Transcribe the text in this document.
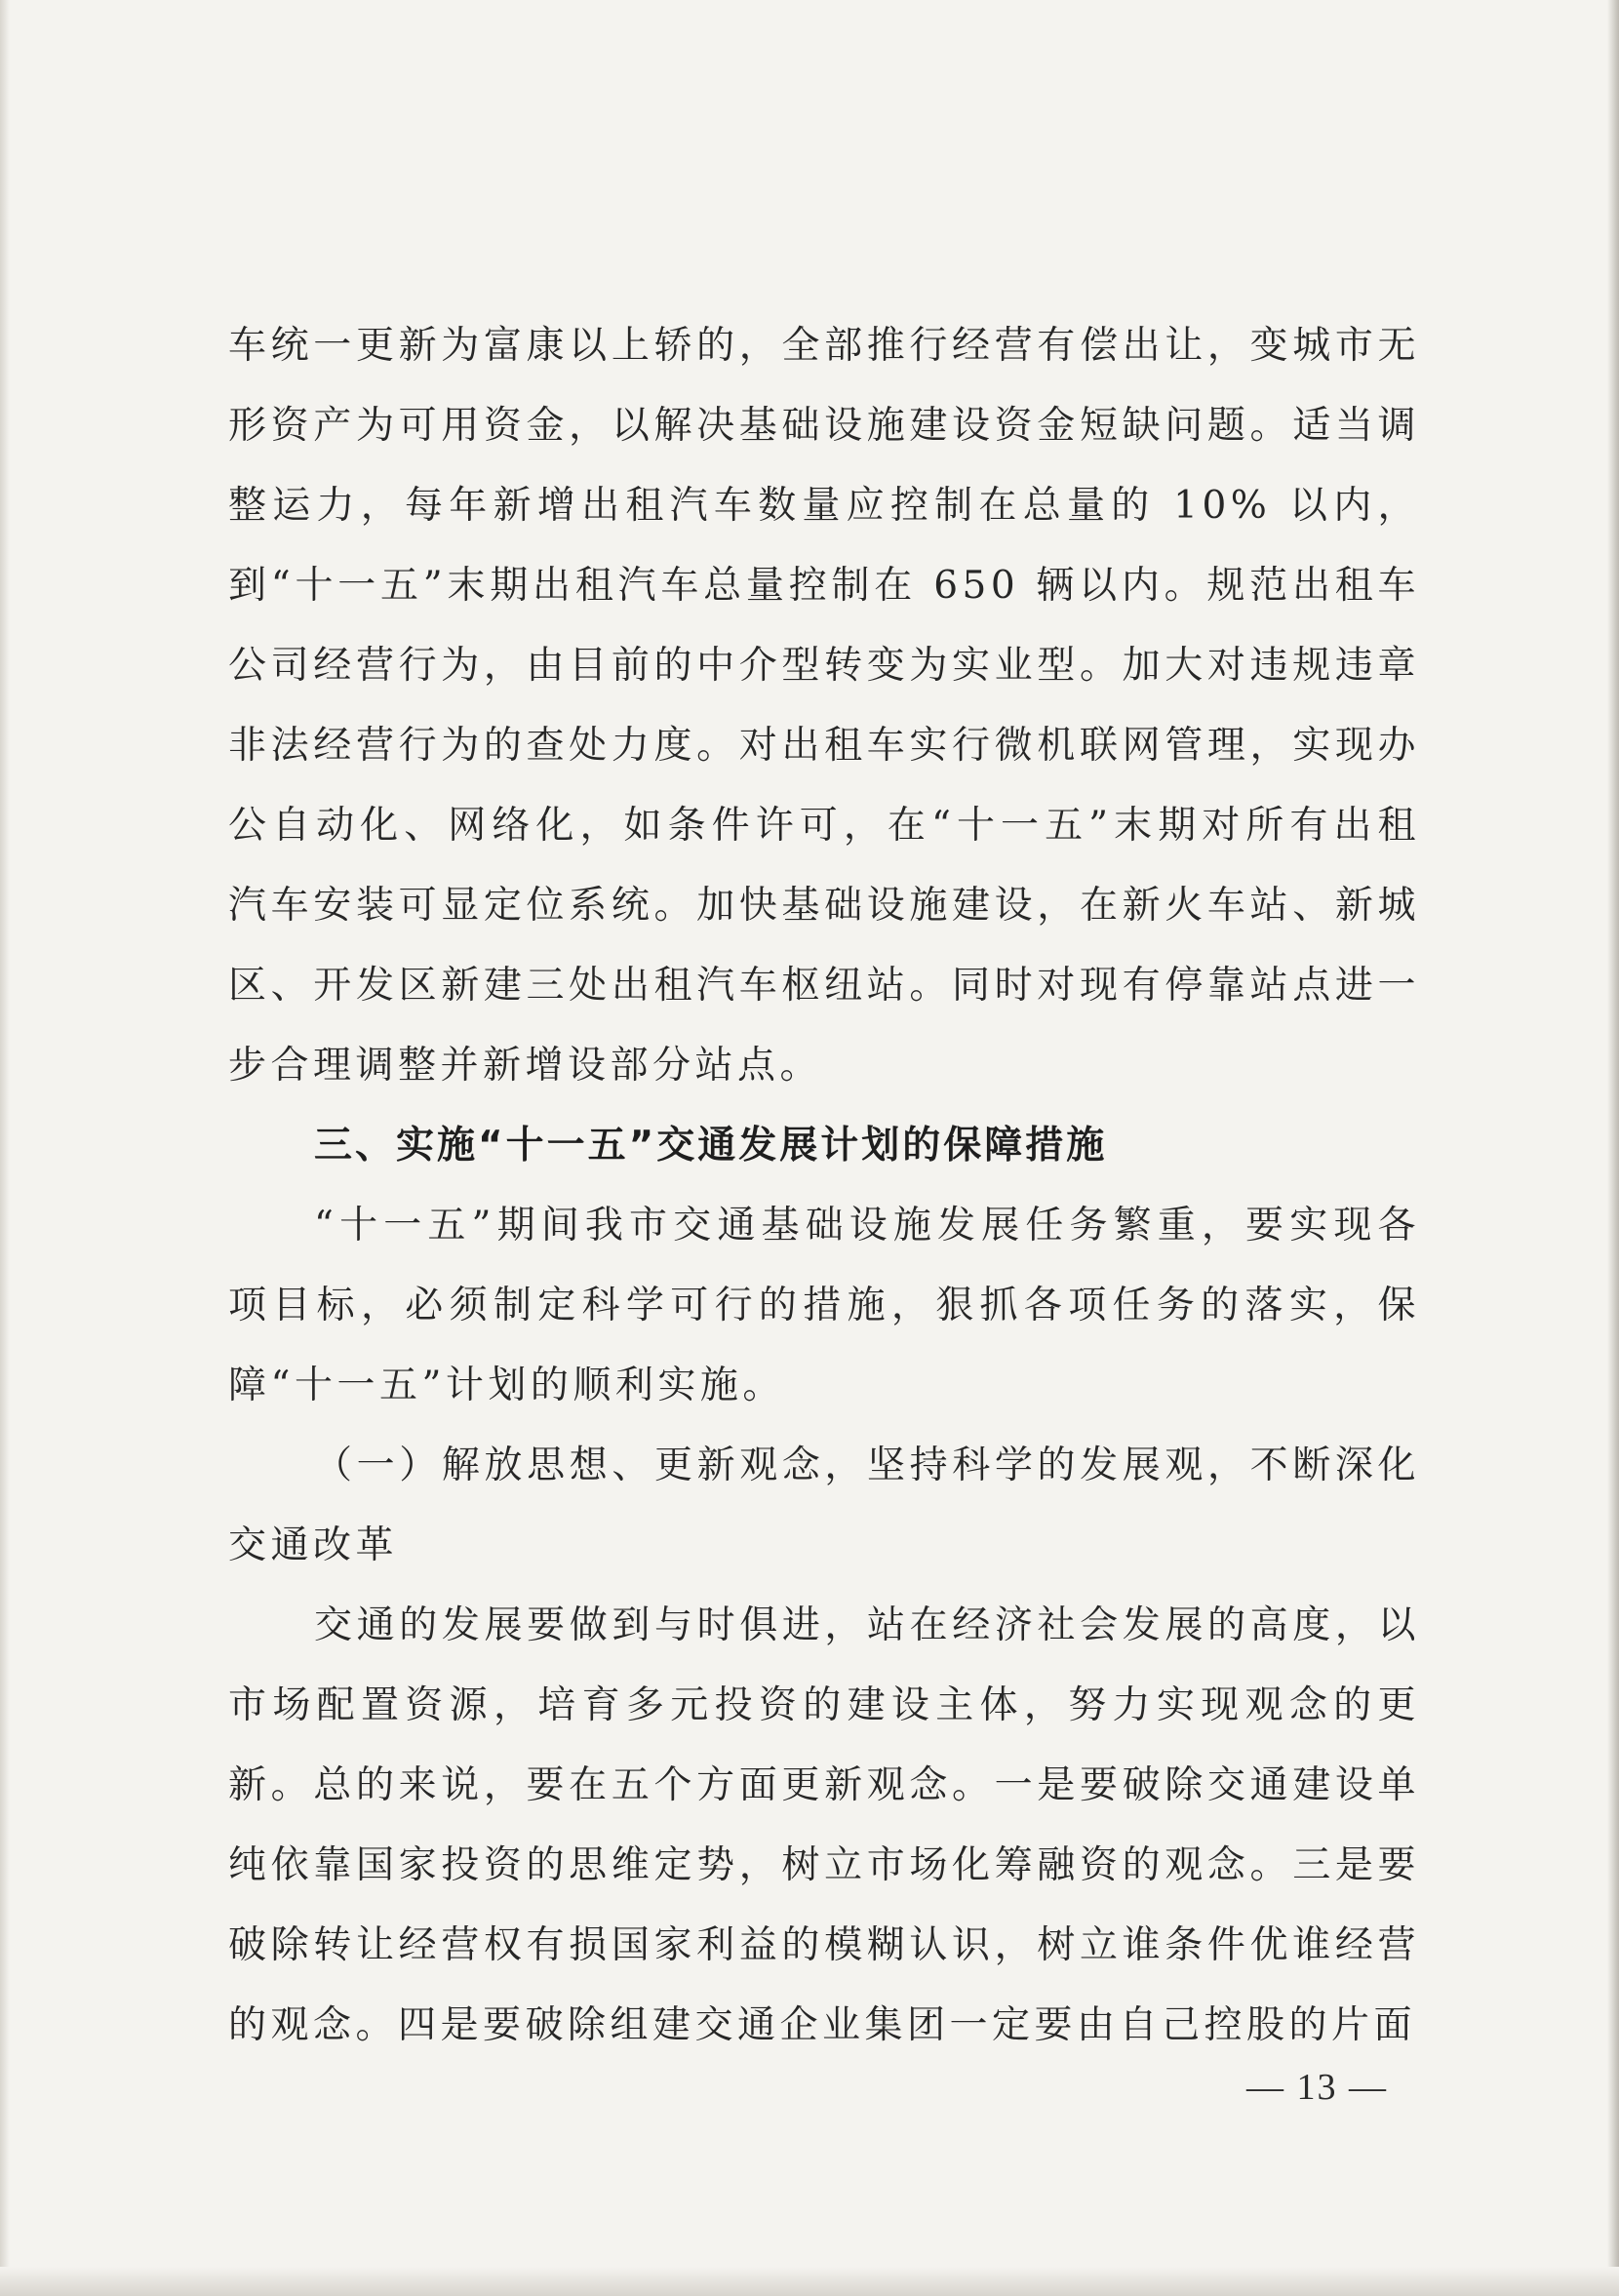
车统一更新为富康以上轿的，全部推行经营有偿出让，变城市无形资产为可用资金，以解决基础设施建设资金短缺问题。适当调整运力，每年新增出租汽车数量应控制在总量的 10% 以内，到“十一五”末期出租汽车总量控制在 650 辆以内。规范出租车公司经营行为，由目前的中介型转变为实业型。加大对违规违章非法经营行为的查处力度。对出租车实行微机联网管理，实现办公自动化、网络化，如条件许可，在“十一五”末期对所有出租汽车安装可显定位系统。加快基础设施建设，在新火车站、新城区、开发区新建三处出租汽车枢纽站。同时对现有停靠站点进一步合理调整并新增设部分站点。

三、实施“十一五”交通发展计划的保障措施

“十一五”期间我市交通基础设施发展任务繁重，要实现各项目标，必须制定科学可行的措施，狠抓各项任务的落实，保障“十一五”计划的顺利实施。

（一）解放思想、更新观念，坚持科学的发展观，不断深化交通改革

交通的发展要做到与时俱进，站在经济社会发展的高度，以市场配置资源，培育多元投资的建设主体，努力实现观念的更新。总的来说，要在五个方面更新观念。一是要破除交通建设单纯依靠国家投资的思维定势，树立市场化筹融资的观念。三是要破除转让经营权有损国家利益的模糊认识，树立谁条件优谁经营的观念。四是要破除组建交通企业集团一定要由自己控股的片面

— 13 —
